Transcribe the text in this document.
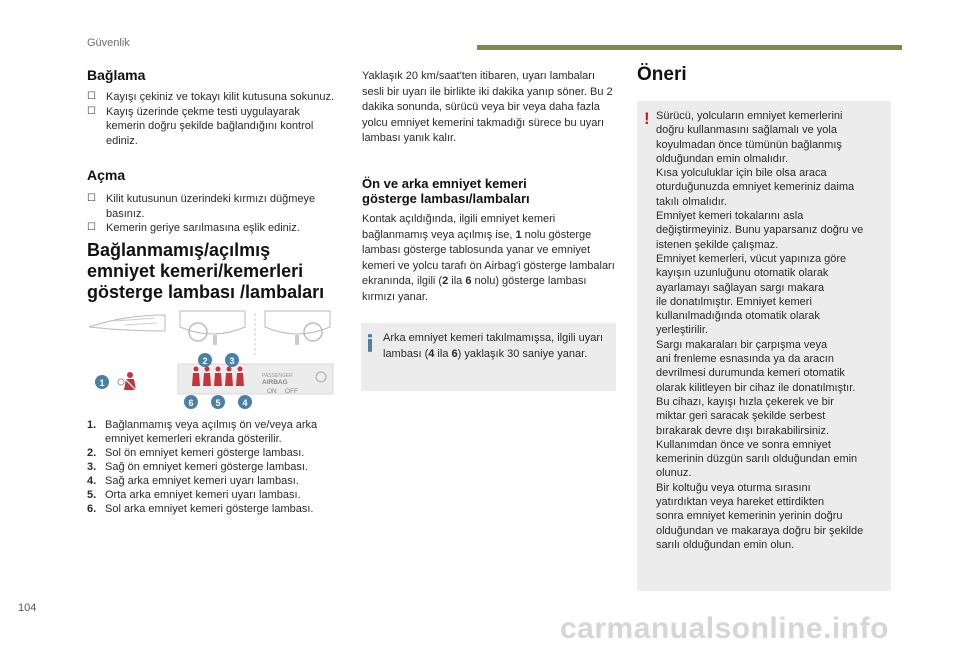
Güvenlik
Bağlama
☐ Kayışı çekiniz ve tokayı kilit kutusuna sokunuz.
☐ Kayış üzerinde çekme testi uygulayarak kemerin doğru şekilde bağlandığını kontrol ediniz.
Açma
☐ Kilit kutusunun üzerindeki kırmızı düğmeye basınız.
☐ Kemerin geriye sarılmasına eşlik ediniz.
Bağlanmamış/açılmış
emniyet kemeri/kemerleri
gösterge lambası /lambaları
1
PASSENGER
AIRBAG
ON OFF
2 3
4
5
6
1. Bağlanmamış veya açılmış ön ve/veya arka emniyet kemerleri ekranda gösterilir.
2. Sol ön emniyet kemeri gösterge lambası.
3. Sağ ön emniyet kemeri gösterge lambası.
4. Sağ arka emniyet kemeri uyarı lambası.
5. Orta arka emniyet kemeri uyarı lambası.
6. Sol arka emniyet kemeri gösterge lambası.

Yaklaşık 20 km/saat'ten itibaren, uyarı lambaları sesli bir uyarı ile birlikte iki dakika yanıp söner. Bu 2 dakika sonunda, sürücü veya bir veya daha fazla yolcu emniyet kemerini takmadığı sürece bu uyarı lambası yanık kalır.

Ön ve arka emniyet kemeri
gösterge lambası/lambaları

Kontak açıldığında, ilgili emniyet kemeri bağlanmamış veya açılmış ise, 1 nolu gösterge lambası gösterge tablosunda yanar ve emniyet kemeri ve yolcu tarafı ön Airbag'i gösterge lambaları ekranında, ilgili (2 ila 6 nolu) gösterge lambası kırmızı yanar.

Arka emniyet kemeri takılmamışsa, ilgili uyarı lambası (4 ila 6) yaklaşık 30 saniye yanar.
Öneri
! Sürücü, yolcuların emniyet kemerlerini
doğru kullanmasını sağlamalı ve yola
koyulmadan önce tümünün bağlanmış
olduğundan emin olmalıdır.
Kısa yolculuklar için bile olsa araca
oturduğunuzda emniyet kemeriniz daima
takılı olmalıdır.
Emniyet kemeri tokalarını asla
değiştirmeyiniz. Bunu yaparsanız doğru ve
istenen şekilde çalışmaz.
Emniyet kemerleri, vücut yapınıza göre
kayışın uzunluğunu otomatik olarak
ayarlamayı sağlayan sargı makara
ile donatılmıştır. Emniyet kemeri
kullanılmadığında otomatik olarak
yerleştirilir.
Sargı makaraları bir çarpışma veya
ani frenleme esnasında ya da aracın
devrilmesi durumunda kemeri otomatik
olarak kilitleyen bir cihaz ile donatılmıştır.
Bu cihazı, kayışı hızla çekerek ve bir
miktar geri saracak şekilde serbest
bırakarak devre dışı bırakabilirsiniz.
Kullanımdan önce ve sonra emniyet
kemerinin düzgün sarılı olduğundan emin
olunuz.
Bir koltuğu veya oturma sırasını
yatırdıktan veya hareket ettirdikten
sonra emniyet kemerinin yerinin doğru
olduğundan ve makaraya doğru bir şekilde
sarılı olduğundan emin olun.
104
carmanualsonline.info
